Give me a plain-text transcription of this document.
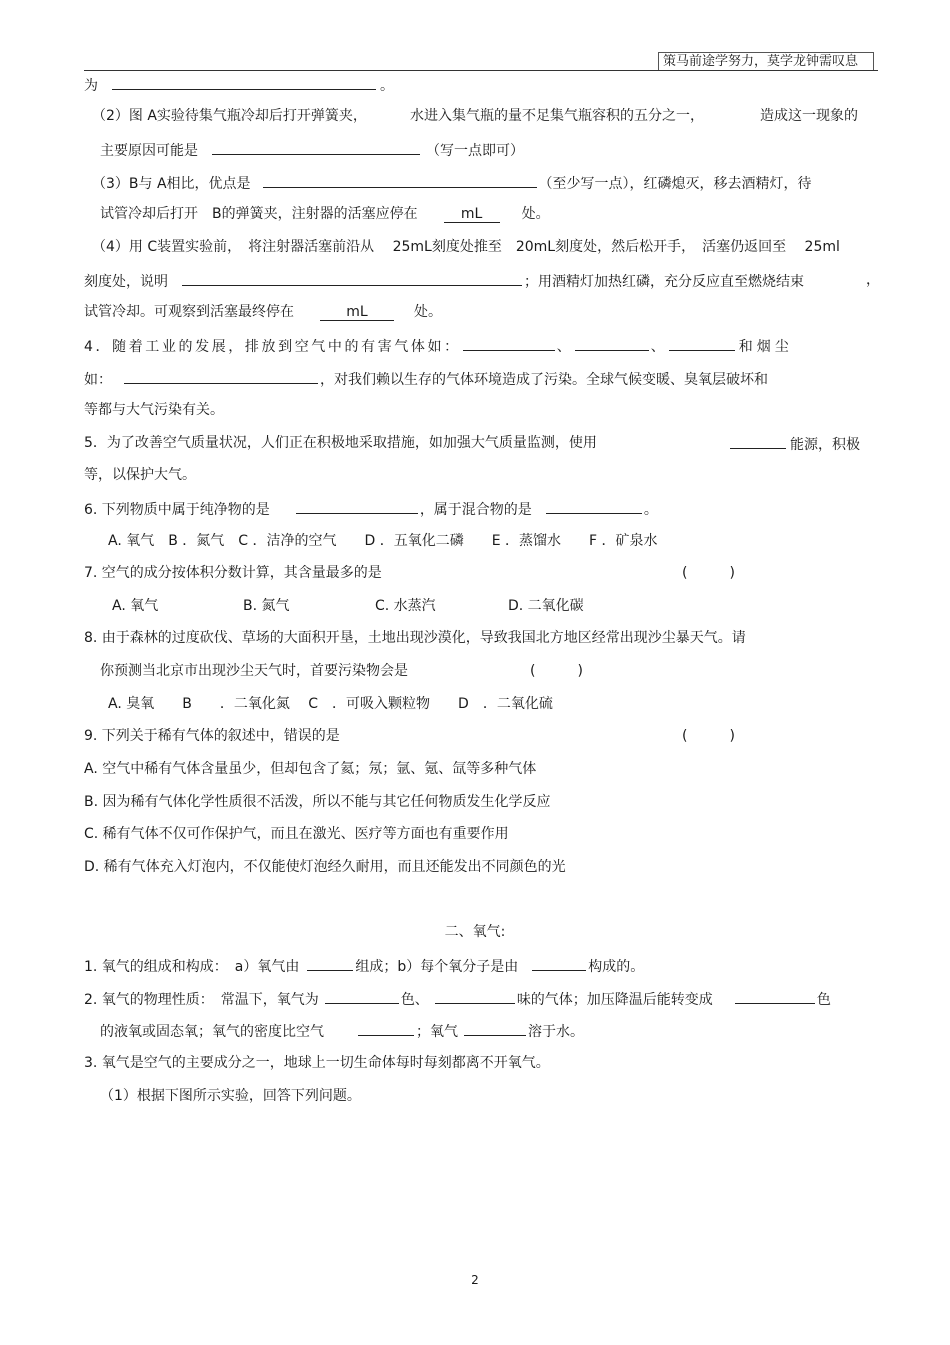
策马前途学努力，莫学龙钟需叹息
为	。
（2）图 A实验待集气瓶冷却后打开弹簧夹，	水进入集气瓶的量不足集气瓶容积的五分之一，	造成这一现象的
主要原因可能是	（写一点即可）
（3）B与 A相比，优点是	（至少写一点），红磷熄灭，移去酒精灯，待
试管冷却后打开　B的弹簧夹，注射器的活塞应停在	mL	处。
（4）用 C装置实验前，　将注射器活塞前沿从　 25mL刻度处推至　20mL刻度处，然后松开手，　活塞仍返回至　 25ml
刻度处，说明	；用酒精灯加热红磷，充分反应直至燃烧结束	，
试管冷却。可观察到活塞最终停在	mL	处。
4．随着工业的发展，排放到空气中的有害气体如：	、	、	和烟尘
如：	，对我们赖以生存的气体环境造成了污染。全球气候变暖、臭氧层破坏和
等都与大气污染有关。
5．为了改善空气质量状况，人们正在积极地采取措施，如加强大气质量监测，使用	能源，积极
等，以保护大气。
6. 下列物质中属于纯净物的是	，属于混合物的是	。
A. 氧气　B ．氮气　C ．洁净的空气　　D ．五氧化二磷　　E ．蒸馏水　　F ．矿泉水
7. 空气的成分按体积分数计算，其含量最多的是	(　　　)
A. 氧气	B. 氮气	C. 水蒸汽	D. 二氧化碳
8. 由于森林的过度砍伐、草场的大面积开垦，土地出现沙漠化，导致我国北方地区经常出现沙尘暴天气。请
你预测当北京市出现沙尘天气时，首要污染物会是	(　　　)
A. 臭氧　　B　　．二氧化氮　 C　．可吸入颗粒物　　D　．二氧化硫
9. 下列关于稀有气体的叙述中，错误的是	(　　　)
A. 空气中稀有气体含量虽少，但却包含了氦；氖；氩、氪、氙等多种气体
B. 因为稀有气体化学性质很不活泼，所以不能与其它任何物质发生化学反应
C. 稀有气体不仅可作保护气，而且在激光、医疗等方面也有重要作用
D. 稀有气体充入灯泡内，不仅能使灯泡经久耐用，而且还能发出不同颜色的光
二、氧气:
1. 氧气的组成和构成：　a）氧气由	组成；b）每个氧分子是由	构成的。
2. 氧气的物理性质：　常温下，氧气为	色、	味的气体；加压降温后能转变成	色
的液氧或固态氧；氧气的密度比空气	；氧气	溶于水。
3. 氧气是空气的主要成分之一，地球上一切生命体每时每刻都离不开氧气。
（1）根据下图所示实验，回答下列问题。
2
